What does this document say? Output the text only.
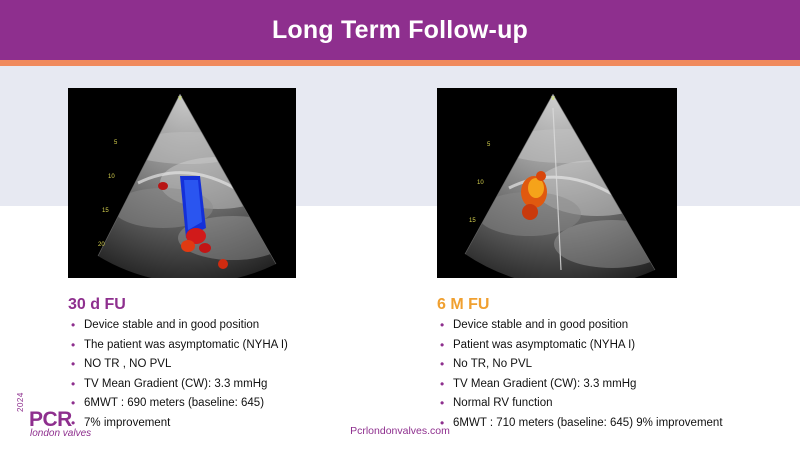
Long Term Follow-up
v
5
10
15
20
30 d FU
• Device stable and in good position
• The patient was asymptomatic (NYHA I)
• NO TR , NO PVL
• TV Mean Gradient (CW): 3.3 mmHg
• 6MWT : 690 meters (baseline: 645)
• 7% improvement
v
5
10
15
6 M FU
• Device stable and in good position
• Patient was asymptomatic (NYHA I)
• No TR, No PVL
• TV Mean Gradient (CW): 3.3 mmHg
• Normal RV function
• 6MWT : 710 meters (baseline: 645) 9% improvement
Pcrlondonvalves.com
2024
PCR
london valves
